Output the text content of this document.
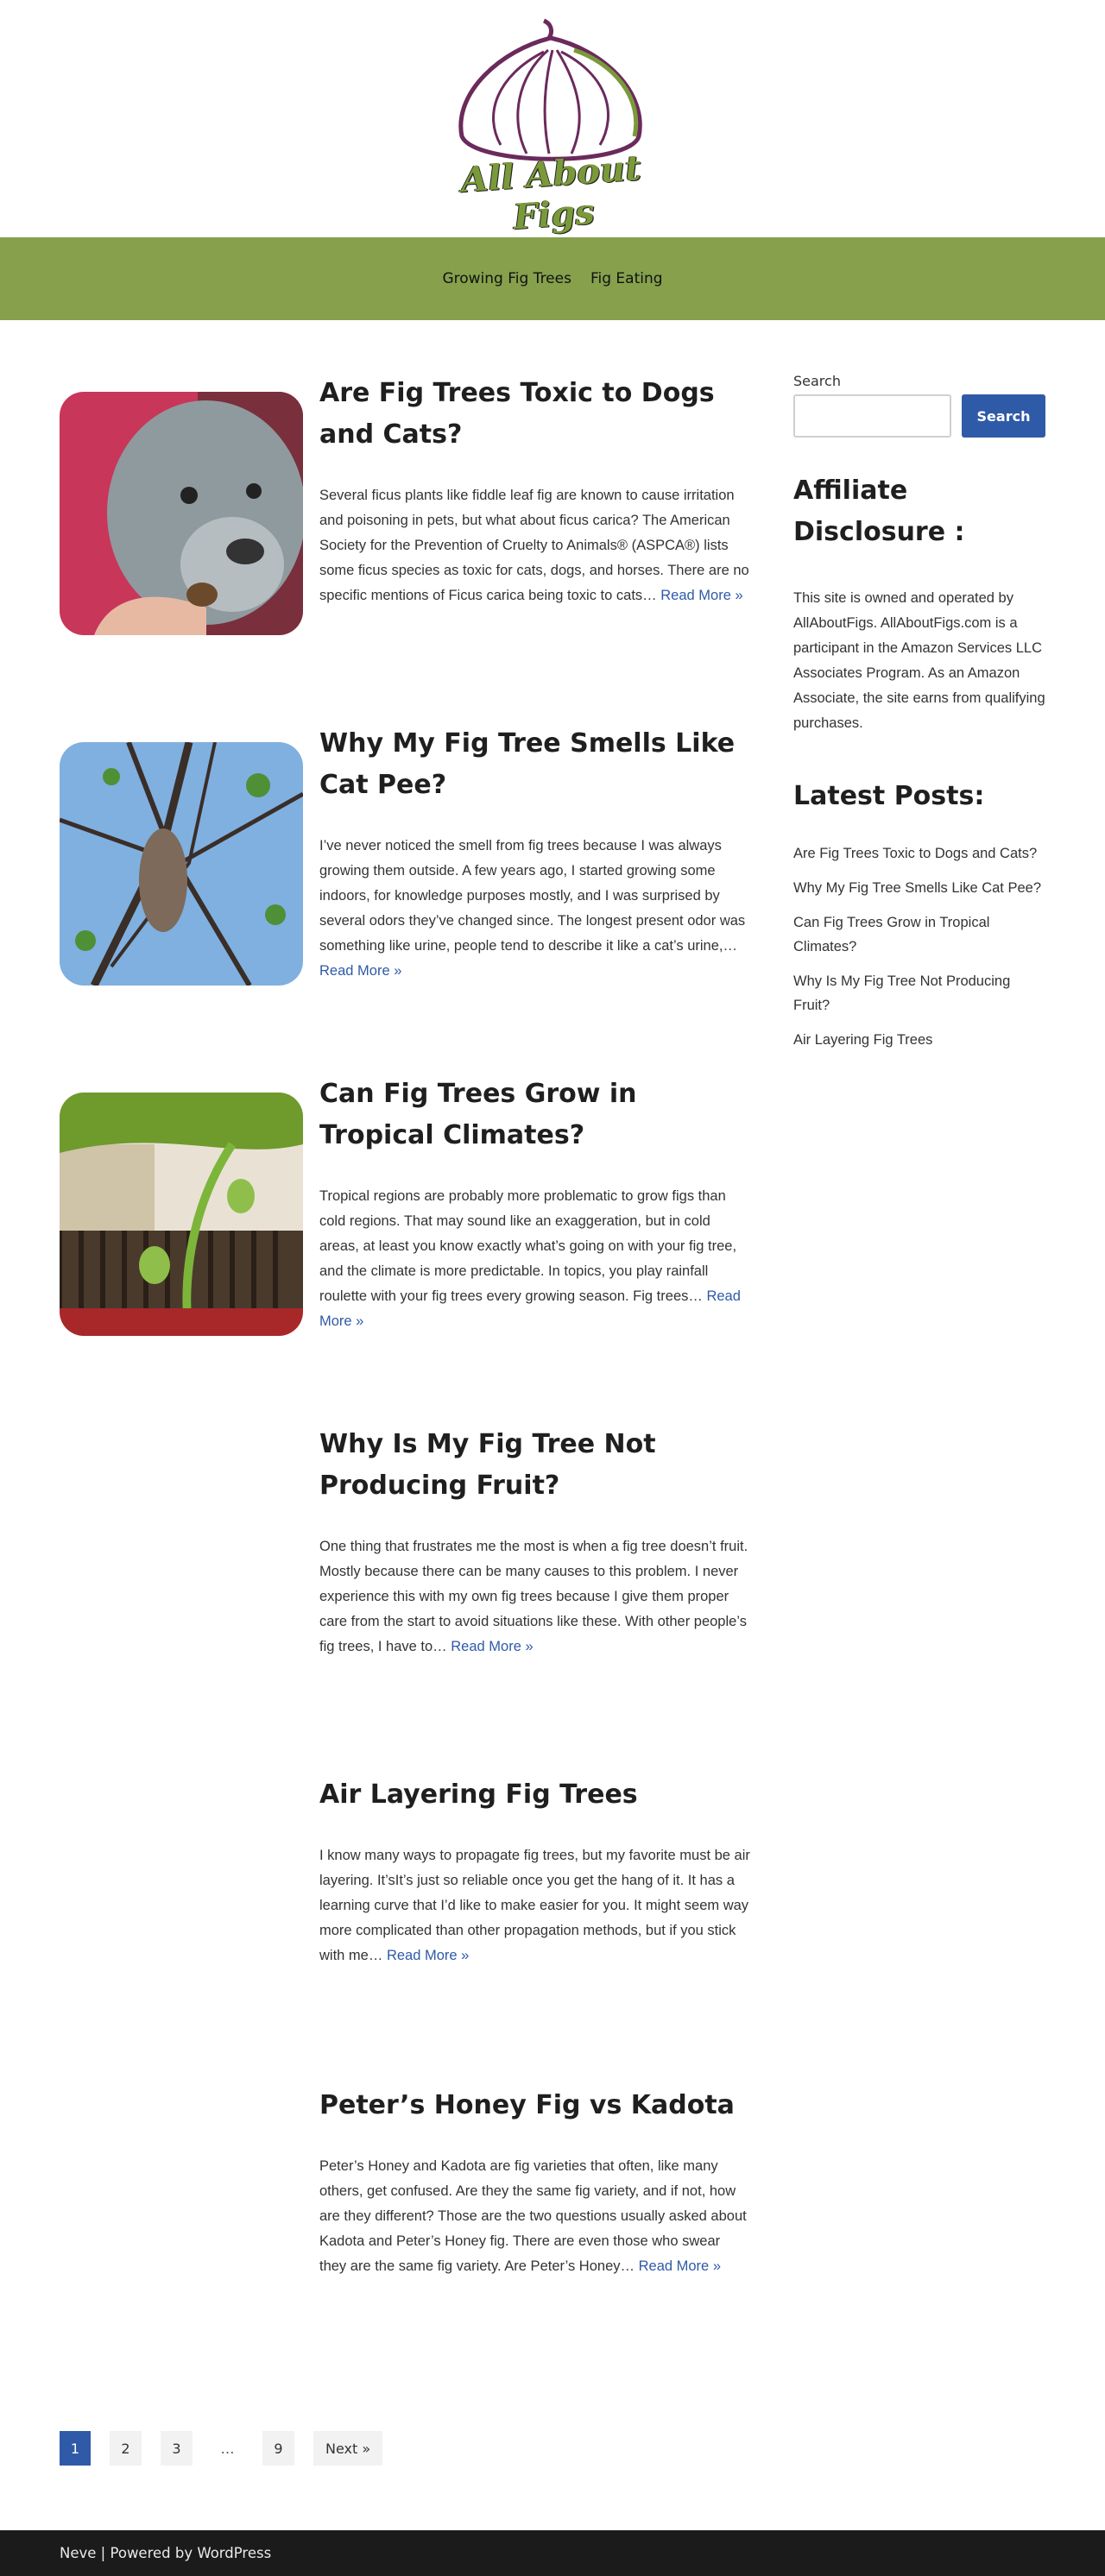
All About Figs
Growing Fig Trees Fig Eating
Are Fig Trees Toxic to Dogs and Cats?

Several ficus plants like fiddle leaf fig are known to cause irritation and poisoning in pets, but what about ficus carica? The American Society for the Prevention of Cruelty to Animals® (ASPCA®) lists some ficus species as toxic for cats, dogs, and horses. There are no specific mentions of Ficus carica being toxic to cats… Read More »

Why My Fig Tree Smells Like Cat Pee?

I’ve never noticed the smell from fig trees because I was always growing them outside. A few years ago, I started growing some indoors, for knowledge purposes mostly, and I was surprised by several odors they’ve changed since. The longest present odor was something like urine, people tend to describe it like a cat’s urine,… Read More »

Can Fig Trees Grow in Tropical Climates?

Tropical regions are probably more problematic to grow figs than cold regions. That may sound like an exaggeration, but in cold areas, at least you know exactly what’s going on with your fig tree, and the climate is more predictable. In topics, you play rainfall roulette with your fig trees every growing season. Fig trees… Read More »

Why Is My Fig Tree Not Producing Fruit?

One thing that frustrates me the most is when a fig tree doesn’t fruit. Mostly because there can be many causes to this problem. I never experience this with my own fig trees because I give them proper care from the start to avoid situations like these. With other people’s fig trees, I have to… Read More »

Air Layering Fig Trees

I know many ways to propagate fig trees, but my favorite must be air layering. It’sIt’s just so reliable once you get the hang of it. It has a learning curve that I’d like to make easier for you. It might seem way more complicated than other propagation methods, but if you stick with me… Read More »

Peter’s Honey Fig vs Kadota

Peter’s Honey and Kadota are fig varieties that often, like many others, get confused. Are they the same fig variety, and if not, how are they different? Those are the two questions usually asked about Kadota and Peter’s Honey fig. There are even those who swear they are the same fig variety. Are Peter’s Honey… Read More »

1	2	3	…	9	Next »
Search
Search
Affiliate Disclosure :

This site is owned and operated by AllAboutFigs. AllAboutFigs.com is a participant in the Amazon Services LLC Associates Program. As an Amazon Associate, the site earns from qualifying purchases.

Latest Posts:
Are Fig Trees Toxic to Dogs and Cats?
Why My Fig Tree Smells Like Cat Pee?
Can Fig Trees Grow in Tropical Climates?
Why Is My Fig Tree Not Producing Fruit?
Air Layering Fig Trees
Neve | Powered by WordPress
